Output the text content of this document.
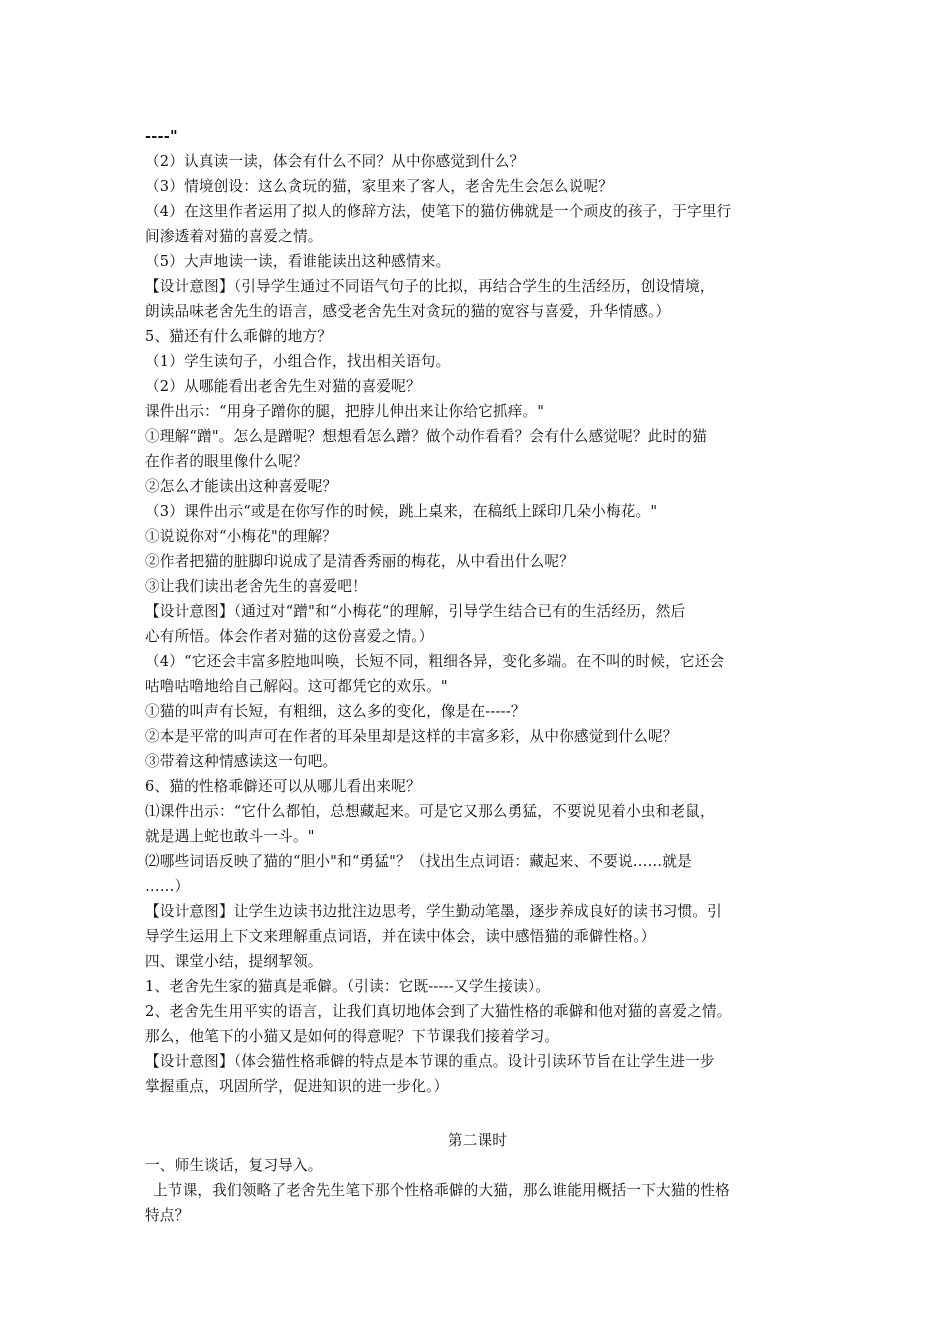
----"
（2）认真读一读，体会有什么不同？从中你感觉到什么？
（3）情境创设：这么贪玩的猫，家里来了客人，老舍先生会怎么说呢？
（4）在这里作者运用了拟人的修辞方法，使笔下的猫仿佛就是一个顽皮的孩子，于字里行
间渗透着对猫的喜爱之情。
（5）大声地读一读，看谁能读出这种感情来。
【设计意图】（引导学生通过不同语气句子的比拟，再结合学生的生活经历，创设情境，
朗读品味老舍先生的语言，感受老舍先生对贪玩的猫的宽容与喜爱，升华情感。）
5、猫还有什么乖僻的地方？
（1）学生读句子，小组合作，找出相关语句。
（2）从哪能看出老舍先生对猫的喜爱呢？
课件出示：“用身子蹭你的腿，把脖儿伸出来让你给它抓痒。"
①理解“蹭"。怎么是蹭呢？想想看怎么蹭？做个动作看看？会有什么感觉呢？此时的猫
在作者的眼里像什么呢？
②怎么才能读出这种喜爱呢？
（3）课件出示“或是在你写作的时候，跳上桌来，在稿纸上踩印几朵小梅花。"
①说说你对“小梅花"的理解？
②作者把猫的脏脚印说成了是清香秀丽的梅花，从中看出什么呢？
③让我们读出老舍先生的喜爱吧！
【设计意图】（通过对“蹭"和“小梅花“的理解，引导学生结合已有的生活经历，然后
心有所悟。体会作者对猫的这份喜爱之情。）
（4）“它还会丰富多腔地叫唤，长短不同，粗细各异，变化多端。在不叫的时候，它还会
咕噜咕噜地给自己解闷。这可都凭它的欢乐。"
①猫的叫声有长短，有粗细，这么多的变化，像是在-----？
②本是平常的叫声可在作者的耳朵里却是这样的丰富多彩，从中你感觉到什么呢？
③带着这种情感读这一句吧。
6、猫的性格乖僻还可以从哪儿看出来呢？
⑴课件出示：“它什么都怕，总想藏起来。可是它又那么勇猛，不要说见着小虫和老鼠，
就是遇上蛇也敢斗一斗。"
⑵哪些词语反映了猫的“胆小"和“勇猛"？（找出生点词语：藏起来、不要说……就是
……）
【设计意图】让学生边读书边批注边思考，学生勤动笔墨，逐步养成良好的读书习惯。引
导学生运用上下文来理解重点词语，并在读中体会，读中感悟猫的乖僻性格。）
四、课堂小结，提纲挈领。
1、老舍先生家的猫真是乖僻。（引读：它既-----又学生接读）。
2、老舍先生用平实的语言，让我们真切地体会到了大猫性格的乖僻和他对猫的喜爱之情。
那么，他笔下的小猫又是如何的得意呢？下节课我们接着学习。
【设计意图】（体会猫性格乖僻的特点是本节课的重点。设计引读环节旨在让学生进一步
掌握重点，巩固所学，促进知识的进一步化。）
第二课时
一、师生谈话，复习导入。
上节课，我们领略了老舍先生笔下那个性格乖僻的大猫，那么谁能用概括一下大猫的性格
特点？
